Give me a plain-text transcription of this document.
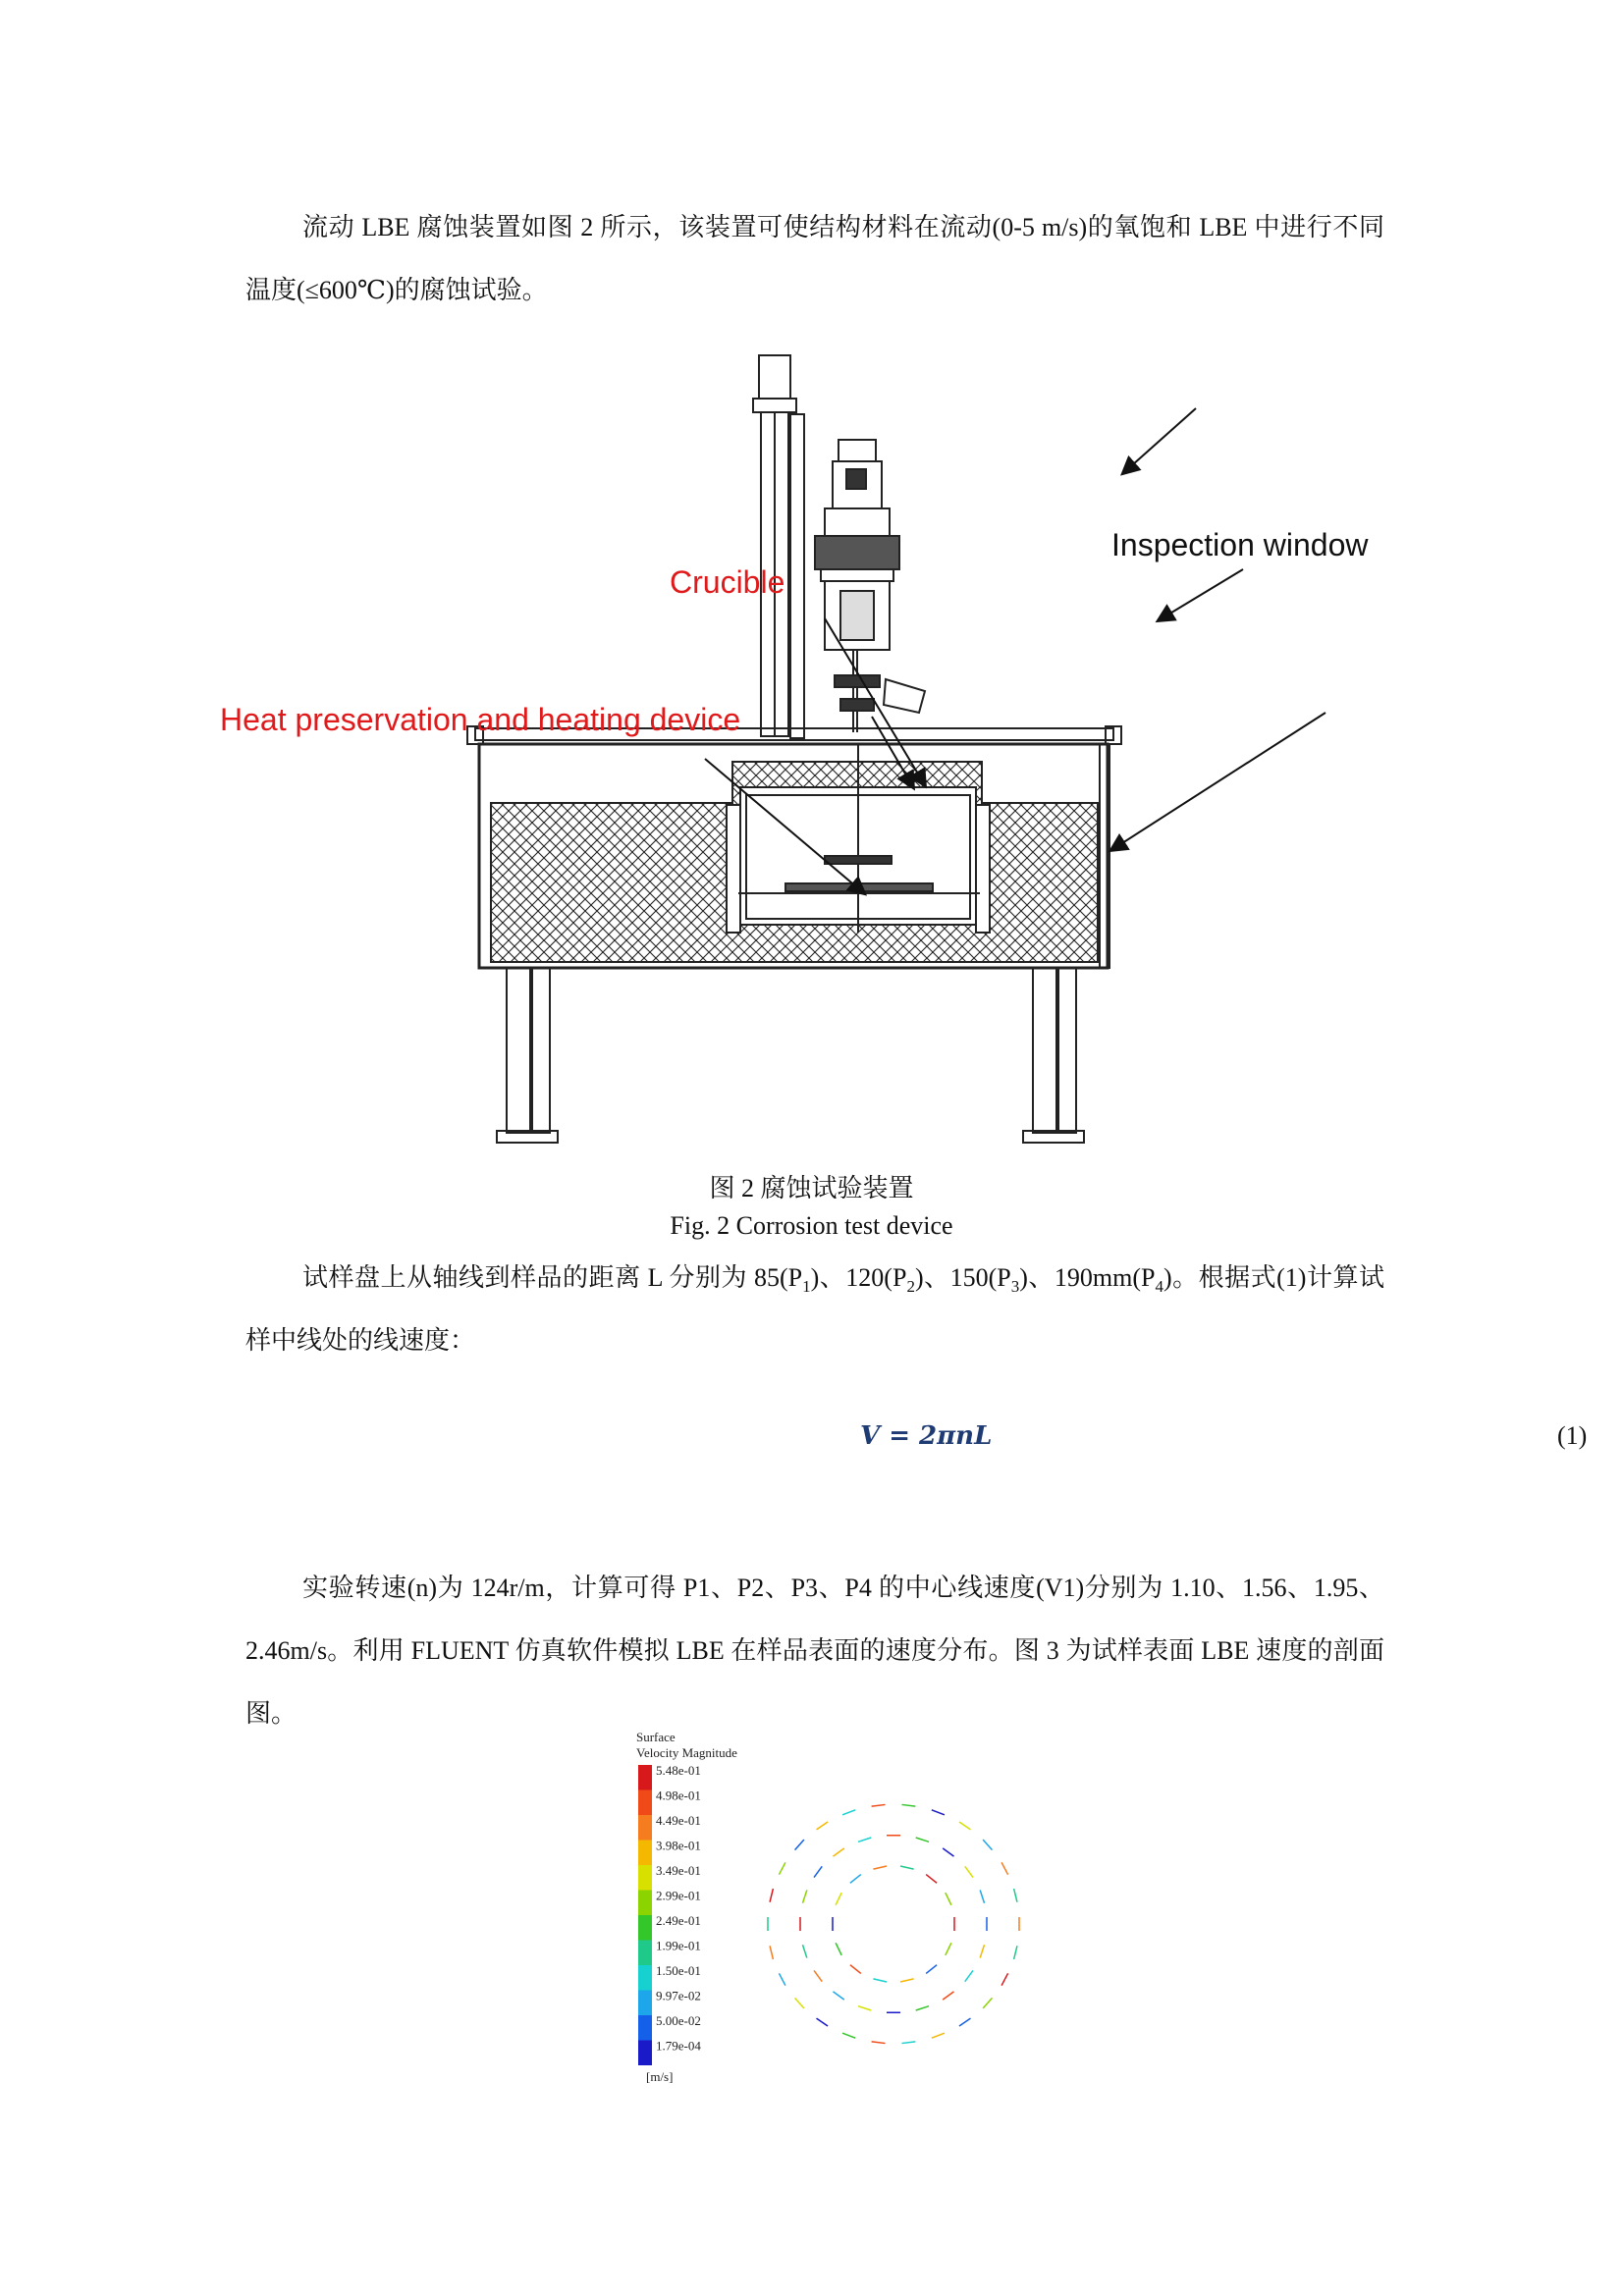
流动 LBE 腐蚀装置如图 2 所示，该装置可使结构材料在流动(0-5 m/s)的氧饱和 LBE 中进行不同温度(≤600℃)的腐蚀试验。
Crucible
Inspection window
Heat preservation and heating device
图 2 腐蚀试验装置
Fig. 2 Corrosion test device
试样盘上从轴线到样品的距离 L 分别为 $85(P_1)$、$120(P_2)$、$150(P_3)$、$190mm(P_4)$。根据式(1)计算试样中线处的线速度：
V = 2πnL	(1)
实验转速(n)为 124r/m，计算可得 P1、P2、P3、P4 的中心线速度(V1)分别为 1.10、1.56、1.95、2.46m/s。利用 FLUENT 仿真软件模拟 LBE 在样品表面的速度分布。图 3 为试样表面 LBE 速度的剖面图。
Surface
Velocity Magnitude
5.48e-01
4.98e-01
4.49e-01
3.98e-01
3.49e-01
2.99e-01
2.49e-01
1.99e-01
1.50e-01
9.97e-02
5.00e-02
1.79e-04
[m/s]
